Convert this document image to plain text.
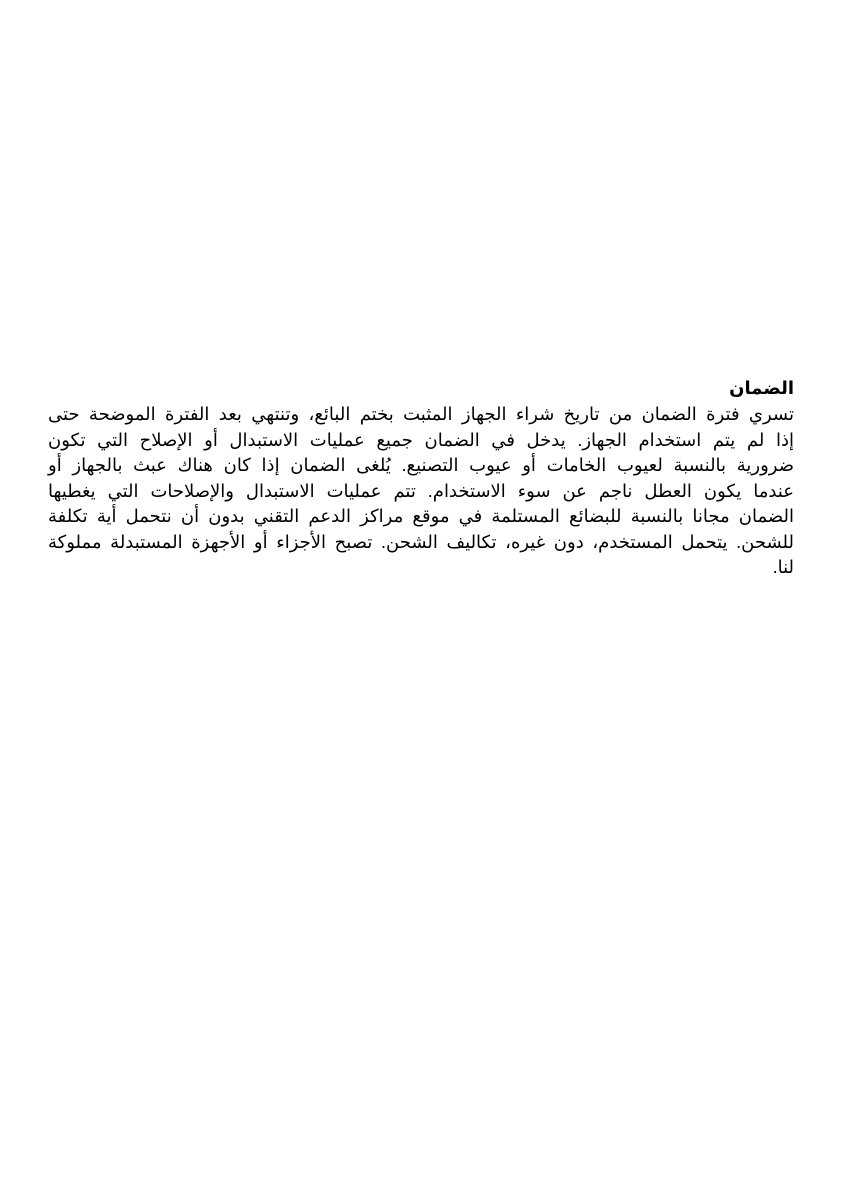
الضمان

تسري فترة الضمان من تاريخ شراء الجهاز المثبت بختم البائع، وتنتهي بعد الفترة الموضحة حتى
إذا لم يتم استخدام الجهاز. يدخل في الضمان جميع عمليات الاستبدال أو الإصلاح التي تكون
ضرورية بالنسبة لعيوب الخامات أو عيوب التصنيع. يُلغى الضمان إذا كان هناك عبث بالجهاز أو
عندما يكون العطل ناجم عن سوء الاستخدام. تتم عمليات الاستبدال والإصلاحات التي يغطيها
الضمان مجانا بالنسبة للبضائع المستلمة في موقع مراكز الدعم التقني بدون أن نتحمل أية تكلفة
للشحن. يتحمل المستخدم، دون غيره، تكاليف الشحن. تصبح الأجزاء أو الأجهزة المستبدلة مملوكة
لنا.
